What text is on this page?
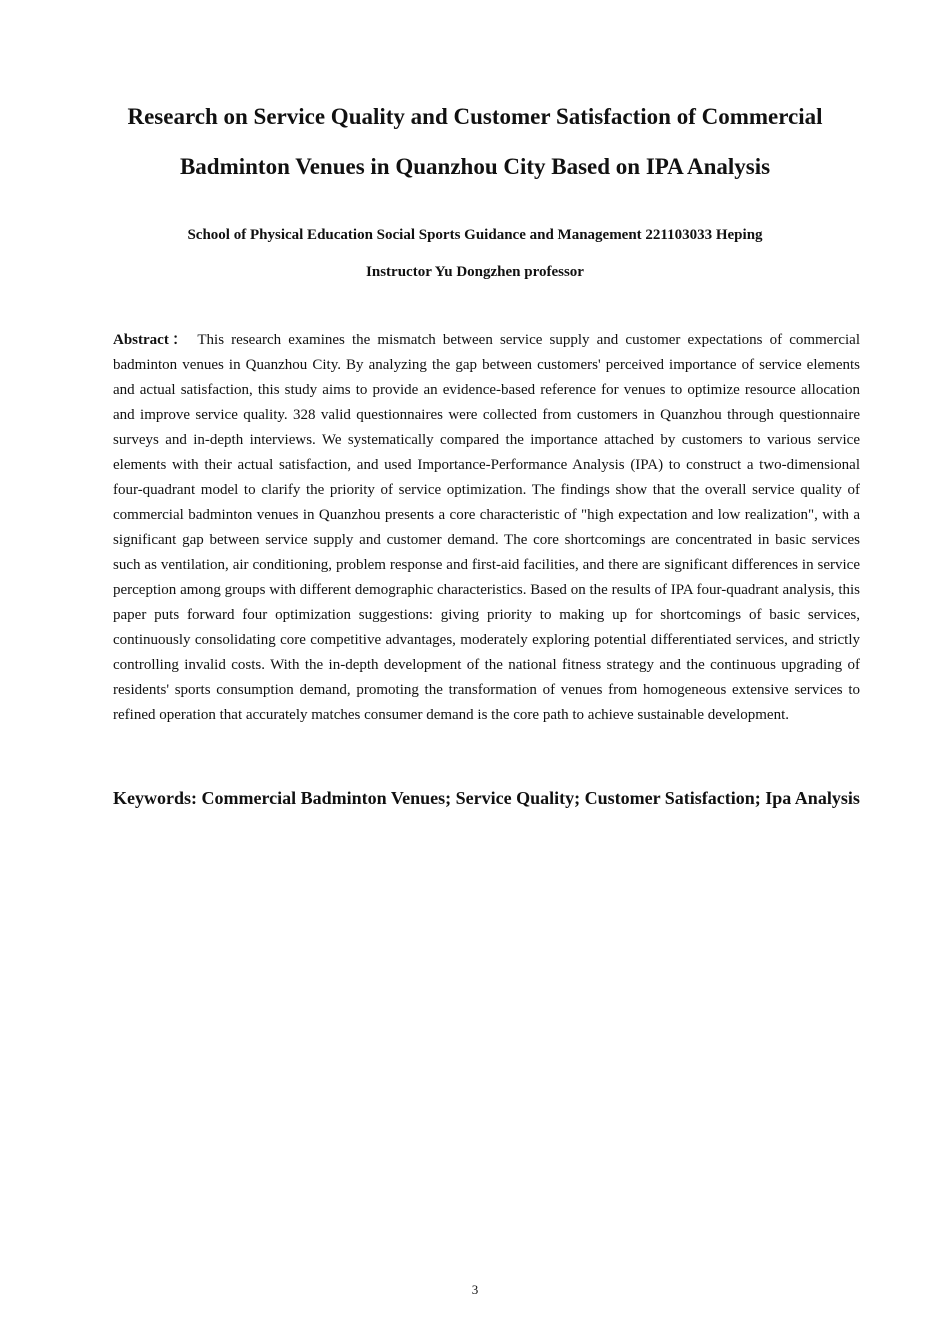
Research on Service Quality and Customer Satisfaction of Commercial
Badminton Venues in Quanzhou City Based on IPA Analysis
School of Physical Education Social Sports Guidance and Management 221103033 Heping
Instructor Yu Dongzhen professor

Abstract： This research examines the mismatch between service supply and customer expectations of commercial badminton venues in Quanzhou City. By analyzing the gap between customers' perceived importance of service elements and actual satisfaction, this study aims to provide an evidence-based reference for venues to optimize resource allocation and improve service quality. 328 valid questionnaires were collected from customers in Quanzhou through questionnaire surveys and in-depth interviews. We systematically compared the importance attached by customers to various service elements with their actual satisfaction, and used Importance-Performance Analysis (IPA) to construct a two-dimensional four-quadrant model to clarify the priority of service optimization. The findings show that the overall service quality of commercial badminton venues in Quanzhou presents a core characteristic of "high expectation and low realization", with a significant gap between service supply and customer demand. The core shortcomings are concentrated in basic services such as ventilation, air conditioning, problem response and first-aid facilities, and there are significant differences in service perception among groups with different demographic characteristics. Based on the results of IPA four-quadrant analysis, this paper puts forward four optimization suggestions: giving priority to making up for shortcomings of basic services, continuously consolidating core competitive advantages, moderately exploring potential differentiated services, and strictly controlling invalid costs. With the in-depth development of the national fitness strategy and the continuous upgrading of residents' sports consumption demand, promoting the transformation of venues from homogeneous extensive services to refined operation that accurately matches consumer demand is the core path to achieve sustainable development.

Keywords: Commercial Badminton Venues; Service Quality; Customer Satisfaction; Ipa Analysis

3
